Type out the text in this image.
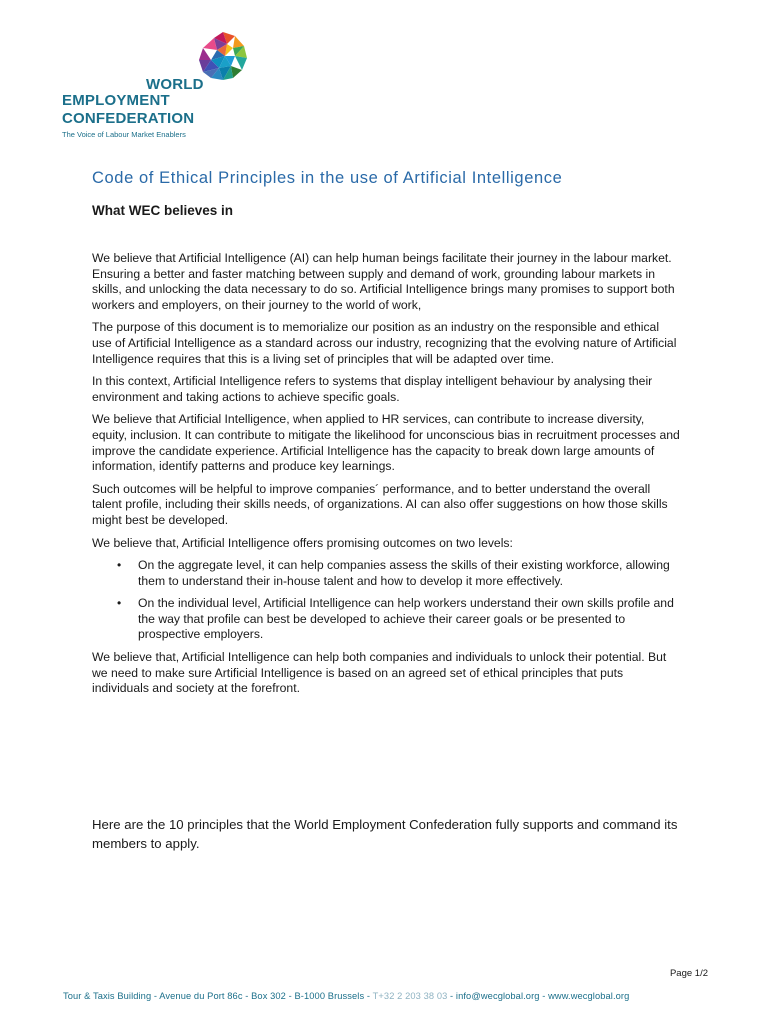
WORLD
EMPLOYMENT
CONFEDERATION
The Voice of Labour Market Enablers
Code of Ethical Principles in the use of Artificial Intelligence
What WEC believes in

We believe that Artificial Intelligence (AI) can help human beings facilitate their journey in the labour market. Ensuring a better and faster matching between supply and demand of work, grounding labour markets in skills, and unlocking the data necessary to do so. Artificial Intelligence brings many promises to support both workers and employers, on their journey to the world of work,

The purpose of this document is to memorialize our position as an industry on the responsible and ethical use of Artificial Intelligence as a standard across our industry, recognizing that the evolving nature of Artificial Intelligence requires that this is a living set of principles that will be adapted over time.

In this context, Artificial Intelligence refers to systems that display intelligent behaviour by analysing their environment and taking actions to achieve specific goals.

We believe that Artificial Intelligence, when applied to HR services, can contribute to increase diversity, equity, inclusion. It can contribute to mitigate the likelihood for unconscious bias in recruitment processes and improve the candidate experience. Artificial Intelligence has the capacity to break down large amounts of information, identify patterns and produce key learnings.

Such outcomes will be helpful to improve companies´ performance, and to better understand the overall talent profile, including their skills needs, of organizations. AI can also offer suggestions on how those skills might best be developed.

We believe that, Artificial Intelligence offers promising outcomes on two levels:

• On the aggregate level, it can help companies assess the skills of their existing workforce, allowing them to understand their in-house talent and how to develop it more effectively.
• On the individual level, Artificial Intelligence can help workers understand their own skills profile and the way that profile can best be developed to achieve their career goals or be presented to prospective employers.

We believe that, Artificial Intelligence can help both companies and individuals to unlock their potential. But we need to make sure Artificial Intelligence is based on an agreed set of ethical principles that puts individuals and society at the forefront.

Here are the 10 principles that the World Employment Confederation fully supports and command its members to apply.

Page 1/2
Tour & Taxis Building - Avenue du Port 86c - Box 302 - B-1000 Brussels - T+32 2 203 38 03 - info@wecglobal.org - www.wecglobal.org
